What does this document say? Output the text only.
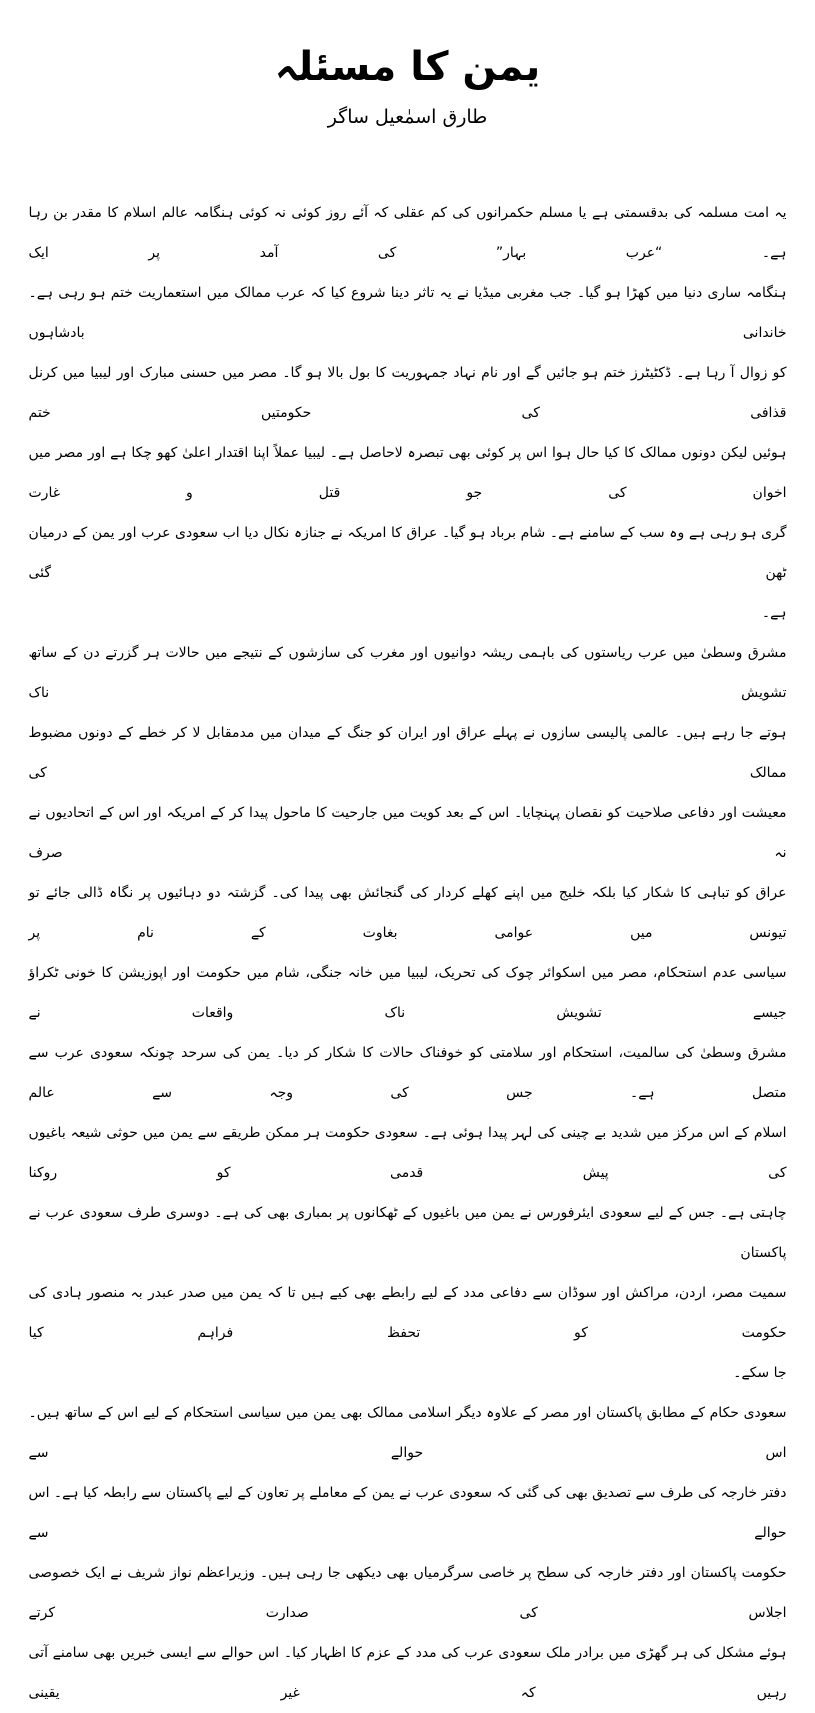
یمن کا مسئلہ
طارق اسمٰعیل ساگر
یہ امت مسلمہ کی بدقسمتی ہے یا مسلم حکمرانوں کی کم عقلی کہ آئے روز کوئی نہ کوئی ہنگامہ عالم اسلام کا مقدر بن رہا ہے۔ “عرب بہار” کی آمد پر ایک
ہنگامہ ساری دنیا میں کھڑا ہو گیا۔ جب مغربی میڈیا نے یہ تاثر دینا شروع کیا کہ عرب ممالک میں استعماریت ختم ہو رہی ہے۔ خاندانی بادشاہوں
کو زوال آ رہا ہے۔ ڈکٹیٹرز ختم ہو جائیں گے اور نام نہاد جمہوریت کا بول بالا ہو گا۔ مصر میں حسنی مبارک اور لیبیا میں کرنل قذافی کی حکومتیں ختم
ہوئیں لیکن دونوں ممالک کا کیا حال ہوا اس پر کوئی بھی تبصرہ لاحاصل ہے۔ لیبیا عملاً اپنا اقتدار اعلیٰ کھو چکا ہے اور مصر میں اخوان کی جو قتل و غارت
گری ہو رہی ہے وہ سب کے سامنے ہے۔ شام برباد ہو گیا۔ عراق کا امریکہ نے جنازہ نکال دیا اب سعودی عرب اور یمن کے درمیان ٹھن گئی
ہے۔
مشرق وسطیٰ میں عرب ریاستوں کی باہمی ریشہ دوانیوں اور مغرب کی سازشوں کے نتیجے میں حالات ہر گزرتے دن کے ساتھ تشویش ناک
ہوتے جا رہے ہیں۔ عالمی پالیسی سازوں نے پہلے عراق اور ایران کو جنگ کے میدان میں مدمقابل لا کر خطے کے دونوں مضبوط ممالک کی
معیشت اور دفاعی صلاحیت کو نقصان پہنچایا۔ اس کے بعد کویت میں جارحیت کا ماحول پیدا کر کے امریکہ اور اس کے اتحادیوں نے نہ صرف
عراق کو تباہی کا شکار کیا بلکہ خلیج میں اپنے کھلے کردار کی گنجائش بھی پیدا کی۔ گزشتہ دو دہائیوں پر نگاہ ڈالی جائے تو تیونس میں عوامی بغاوت کے نام پر
سیاسی عدم استحکام، مصر میں اسکوائر چوک کی تحریک، لیبیا میں خانہ جنگی، شام میں حکومت اور اپوزیشن کا خونی ٹکراؤ جیسے تشویش ناک واقعات نے
مشرق وسطیٰ کی سالمیت، استحکام اور سلامتی کو خوفناک حالات کا شکار کر دیا۔ یمن کی سرحد چونکہ سعودی عرب سے متصل ہے۔ جس کی وجہ سے عالم
اسلام کے اس مرکز میں شدید بے چینی کی لہر پیدا ہوئی ہے۔ سعودی حکومت ہر ممکن طریقے سے یمن میں حوثی شیعہ باغیوں کی پیش قدمی کو روکنا
چاہتی ہے۔ جس کے لیے سعودی ایئرفورس نے یمن میں باغیوں کے ٹھکانوں پر بمباری بھی کی ہے۔ دوسری طرف سعودی عرب نے پاکستان
سمیت مصر، اردن، مراکش اور سوڈان سے دفاعی مدد کے لیے رابطے بھی کیے ہیں تا کہ یمن میں صدر عبدر بہ منصور ہادی کی حکومت کو تحفظ فراہم کیا
جا سکے۔
سعودی حکام کے مطابق پاکستان اور مصر کے علاوہ دیگر اسلامی ممالک بھی یمن میں سیاسی استحکام کے لیے اس کے ساتھ ہیں۔ اس حوالے سے
دفتر خارجہ کی طرف سے تصدیق بھی کی گئی کہ سعودی عرب نے یمن کے معاملے پر تعاون کے لیے پاکستان سے رابطہ کیا ہے۔ اس حوالے سے
حکومت پاکستان اور دفتر خارجہ کی سطح پر خاصی سرگرمیاں بھی دیکھی جا رہی ہیں۔ وزیراعظم نواز شریف نے ایک خصوصی اجلاس کی صدارت کرتے
ہوئے مشکل کی ہر گھڑی میں برادر ملک سعودی عرب کی مدد کے عزم کا اظہار کیا۔ اس حوالے سے ایسی خبریں بھی سامنے آتی رہیں کہ غیر یقینی
